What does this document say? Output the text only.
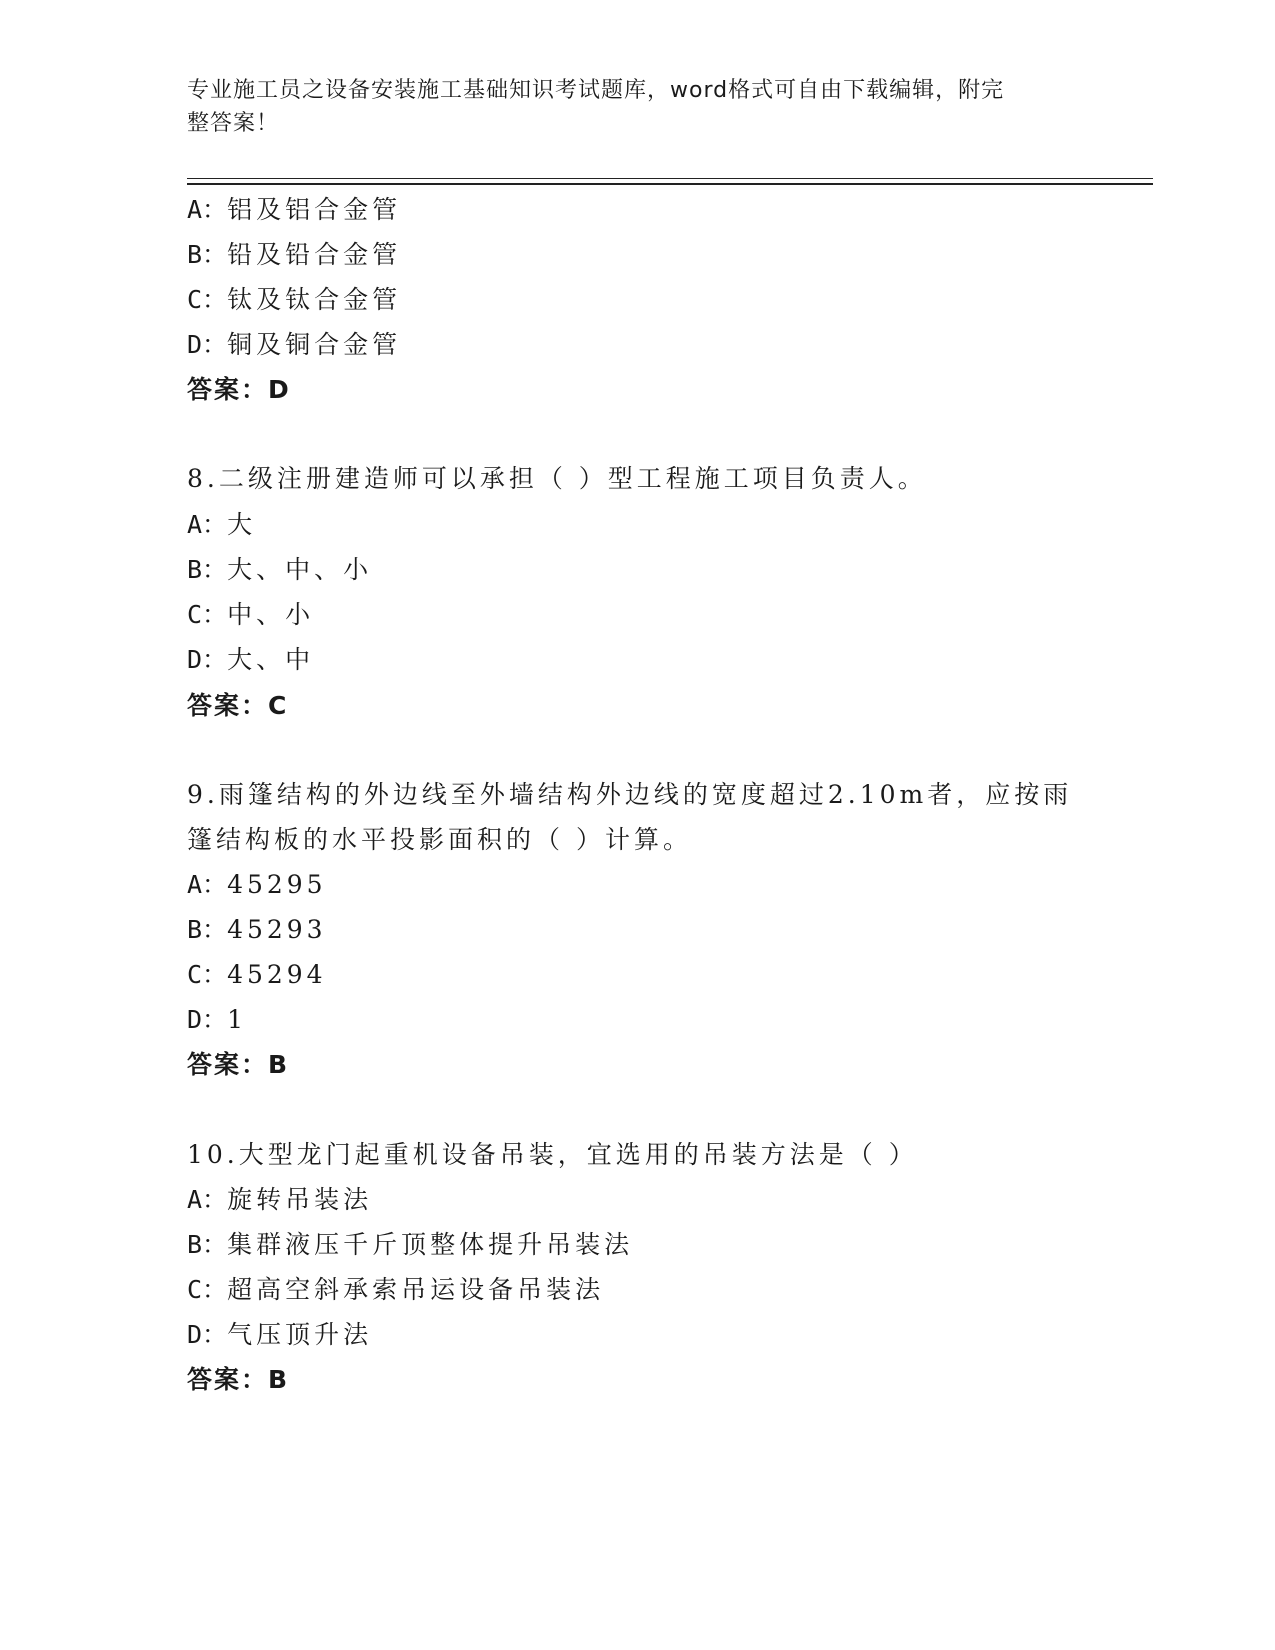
专业施工员之设备安装施工基础知识考试题库，word格式可自由下载编辑，附完
整答案！
A：铝及铝合金管
B：铅及铅合金管
C：钛及钛合金管
D：铜及铜合金管
答案：D
8.二级注册建造师可以承担（ ）型工程施工项目负责人。
A：大
B：大、中、小
C：中、小
D：大、中
答案：C
9.雨篷结构的外边线至外墙结构外边线的宽度超过2.10m者，应按雨
篷结构板的水平投影面积的（ ）计算。
A：45295
B：45293
C：45294
D：1
答案：B
10.大型龙门起重机设备吊装，宜选用的吊装方法是（ ）
A：旋转吊装法
B：集群液压千斤顶整体提升吊装法
C：超高空斜承索吊运设备吊装法
D：气压顶升法
答案：B
